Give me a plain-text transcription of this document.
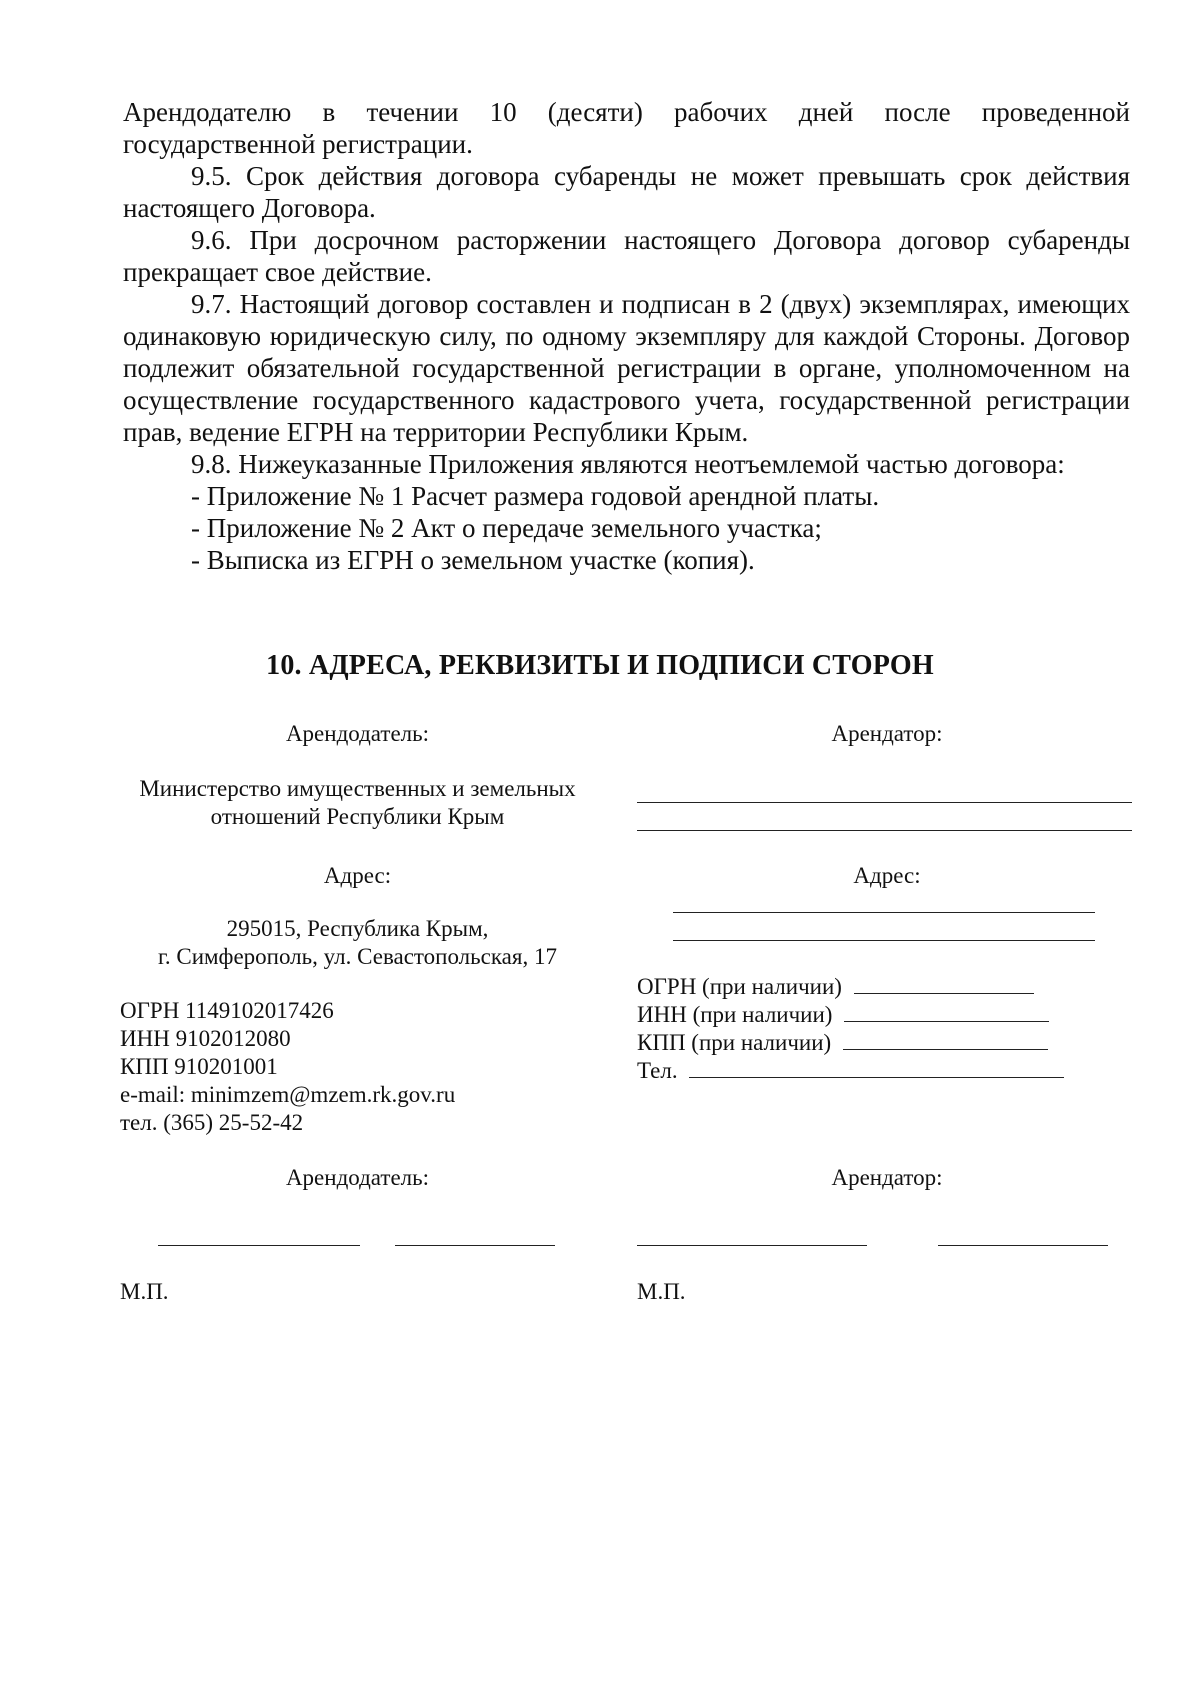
Арендодателю в течении 10 (десяти) рабочих дней после проведенной государственной регистрации.

9.5. Срок действия договора субаренды не может превышать срок действия настоящего Договора.

9.6. При досрочном расторжении настоящего Договора договор субаренды прекращает свое действие.

9.7. Настоящий договор составлен и подписан в 2 (двух) экземплярах, имеющих одинаковую юридическую силу, по одному экземпляру для каждой Стороны. Договор подлежит обязательной государственной регистрации в органе, уполномоченном на осуществление государственного кадастрового учета, государственной регистрации прав, ведение ЕГРН на территории Республики Крым.

9.8. Нижеуказанные Приложения являются неотъемлемой частью договора:

- Приложение № 1 Расчет размера годовой арендной платы.

- Приложение № 2 Акт о передаче земельного участка;

- Выписка из ЕГРН о земельном участке (копия).

10. АДРЕСА, РЕКВИЗИТЫ И ПОДПИСИ СТОРОН
Арендодатель:
Министерство имущественных и земельных
отношений Республики Крым
Адрес:
295015, Республика Крым,
г. Симферополь, ул. Севастопольская, 17
ОГРН 1149102017426
ИНН 9102012080
КПП 910201001
e-mail: minimzem@mzem.rk.gov.ru
тел. (365) 25-52-42
Арендодатель:
М.П.
Арендатор:
Адрес:
ОГРН (при наличии)
ИНН (при наличии)
КПП (при наличии)
Тел.
Арендатор:
М.П.
